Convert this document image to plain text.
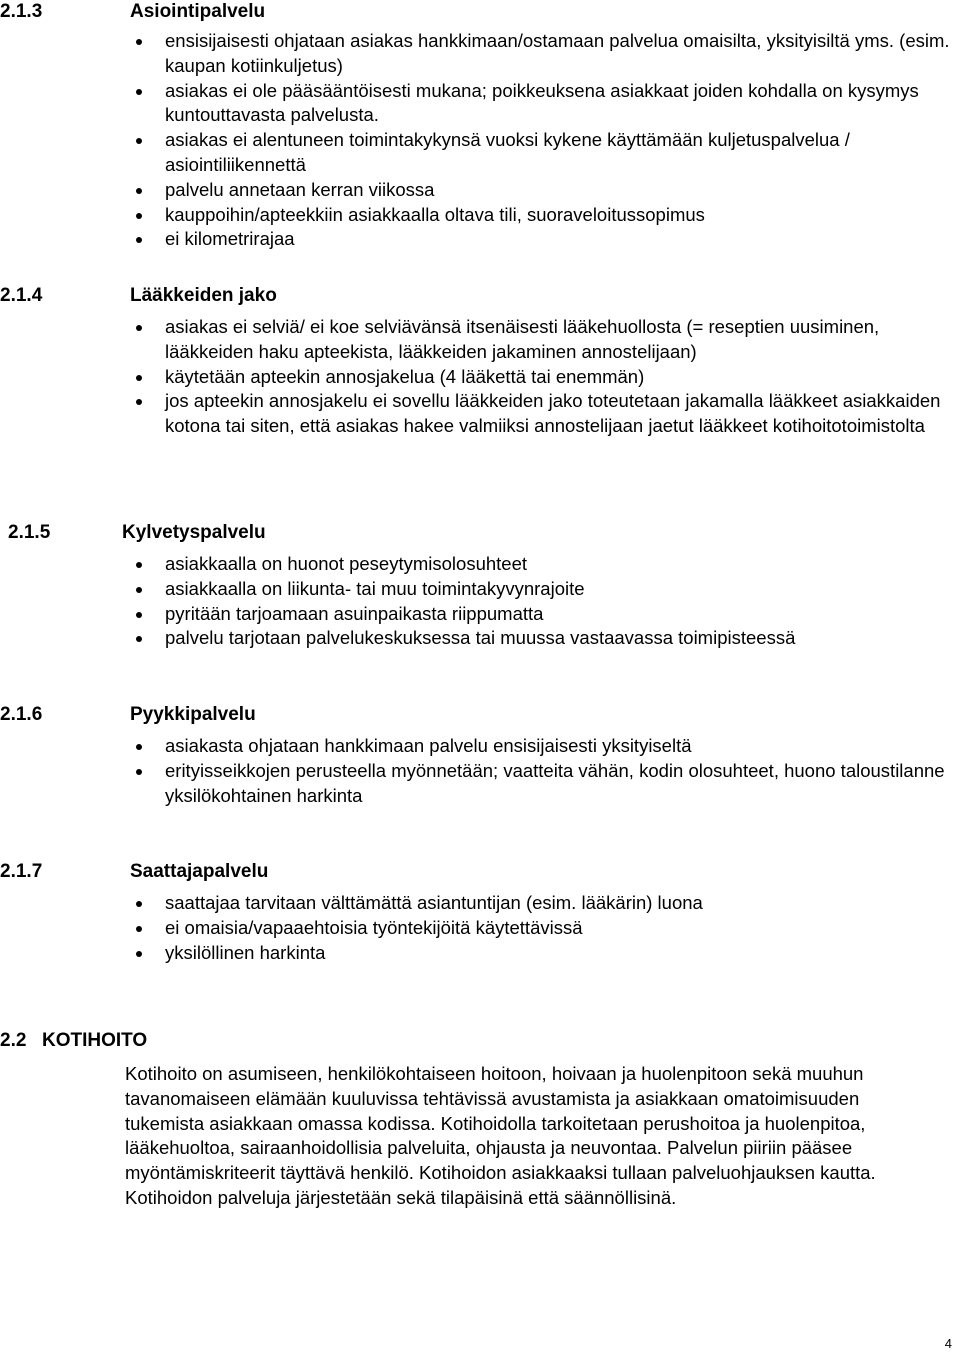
2.1.3	Asiointipalvelu
ensisijaisesti ohjataan asiakas hankkimaan/ostamaan palvelua omaisilta, yksityisiltä yms. (esim. kaupan kotiinkuljetus)
asiakas ei ole pääsääntöisesti mukana; poikkeuksena asiakkaat joiden kohdalla on kysymys kuntouttavasta palvelusta.
asiakas ei alentuneen toimintakykynsä vuoksi kykene käyttämään kuljetuspalvelua / asiointiliikennettä
palvelu annetaan kerran viikossa
kauppoihin/apteekkiin asiakkaalla oltava tili, suoraveloitussopimus
ei kilometrirajaa
2.1.4	Lääkkeiden jako
asiakas ei selviä/ ei koe selviävänsä itsenäisesti lääkehuollosta (= reseptien uusiminen, lääkkeiden haku apteekista, lääkkeiden jakaminen annostelijaan)
käytetään apteekin annosjakelua (4 lääkettä tai enemmän)
jos apteekin annosjakelu ei sovellu lääkkeiden jako toteutetaan jakamalla lääkkeet asiakkaiden kotona tai siten, että asiakas hakee valmiiksi annostelijaan jaetut lääkkeet kotihoitotoimistolta
2.1.5	Kylvetyspalvelu
asiakkaalla on huonot peseytymisolosuhteet
asiakkaalla on liikunta- tai muu toimintakyvynrajoite
pyritään tarjoamaan asuinpaikasta riippumatta
palvelu tarjotaan palvelukeskuksessa tai muussa vastaavassa toimipisteessä
2.1.6	Pyykkipalvelu
asiakasta ohjataan hankkimaan palvelu ensisijaisesti yksityiseltä
erityisseikkojen perusteella myönnetään; vaatteita vähän, kodin olosuhteet, huono taloustilanne yksilökohtainen harkinta
2.1.7	Saattajapalvelu
saattajaa tarvitaan välttämättä asiantuntijan (esim. lääkärin) luona
ei omaisia/vapaaehtoisia työntekijöitä käytettävissä
yksilöllinen harkinta
2.2 KOTIHOITO
Kotihoito on asumiseen, henkilökohtaiseen hoitoon, hoivaan ja huolenpitoon sekä muuhun tavanomaiseen elämään kuuluvissa tehtävissä avustamista ja asiakkaan omatoimisuuden tukemista asiakkaan omassa kodissa. Kotihoidolla tarkoitetaan perushoitoa ja huolenpitoa, lääkehuoltoa, sairaanhoidollisia palveluita, ohjausta ja neuvontaa. Palvelun piiriin pääsee myöntämiskriteerit täyttävä henkilö. Kotihoidon asiakkaaksi tullaan palveluohjauksen kautta. Kotihoidon palveluja järjestetään sekä tilapäisinä että säännöllisinä.
4
